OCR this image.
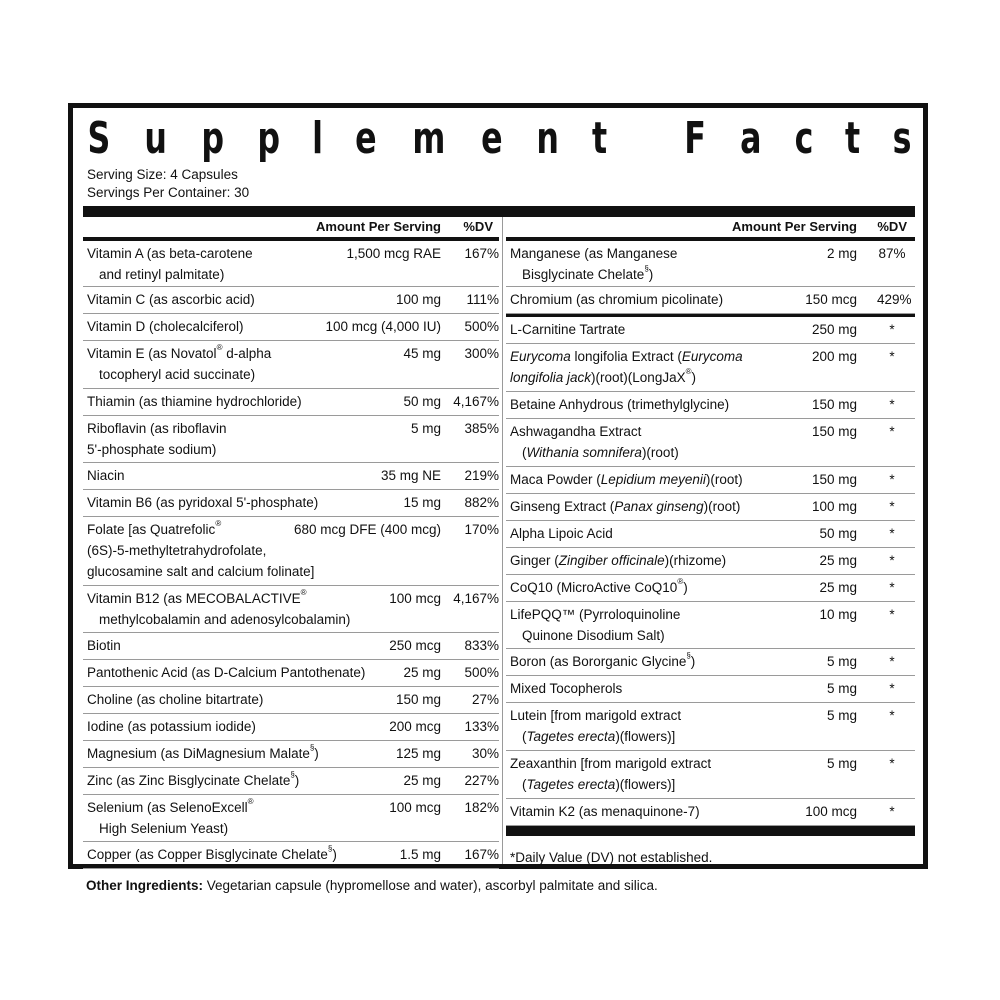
S u p p l e m e n t F a c t s
Serving Size: 4 Capsules
Servings Per Container: 30
Amount Per Serving %DV
Vitamin A (as beta-carotene
and retinyl palmitate)
1,500 mcg RAE 167%
Vitamin C (as ascorbic acid)	100 mg 111%
Vitamin D (cholecalciferol)	100 mcg (4,000 IU) 500%
Vitamin E (as Novatol® d-alpha
tocopheryl acid succinate)
45 mg 300%
Thiamin (as thiamine hydrochloride)	50 mg 4,167%
Riboflavin (as riboflavin
5'-phosphate sodium)
5 mg 385%
Niacin	35 mg NE 219%
Vitamin B6 (as pyridoxal 5'-phosphate)	15 mg 882%
Folate [as Quatrefolic®
(6S)-5-methyltetrahydrofolate,
glucosamine salt and calcium folinate]
680 mcg DFE (400 mcg) 170%
Vitamin B12 (as MECOBALACTIVE®
methylcobalamin and adenosylcobalamin)
100 mcg 4,167%
Biotin	250 mcg 833%
Pantothenic Acid (as D-Calcium Pantothenate)	25 mg 500%
Choline (as choline bitartrate)	150 mg 27%
Iodine (as potassium iodide)	200 mcg 133%
Magnesium (as DiMagnesium Malate§)	125 mg 30%
Zinc (as Zinc Bisglycinate Chelate§)	25 mg 227%
Selenium (as SelenoExcell®
High Selenium Yeast)
100 mcg 182%
Copper (as Copper Bisglycinate Chelate§)	1.5 mg 167%
Amount Per Serving %DV
Manganese (as Manganese
Bisglycinate Chelate§)
2 mg 87%
Chromium (as chromium picolinate)	150 mcg 429%
L-Carnitine Tartrate	250 mg	*
Eurycoma longifolia Extract (Eurycoma
longifolia jack)(root)(LongJaX®)
200 mg	*
Betaine Anhydrous (trimethylglycine)	150 mg	*
Ashwagandha Extract
(Withania somnifera)(root)
150 mg	*
Maca Powder (Lepidium meyenii)(root)	150 mg	*
Ginseng Extract (Panax ginseng)(root)	100 mg	*
Alpha Lipoic Acid	50 mg	*
Ginger (Zingiber officinale)(rhizome)	25 mg	*
CoQ10 (MicroActive CoQ10®)	25 mg	*
LifePQQ™ (Pyrroloquinoline
Quinone Disodium Salt)
10 mg	*
Boron (as Bororganic Glycine§)	5 mg	*
Mixed Tocopherols	5 mg	*
Lutein [from marigold extract
(Tagetes erecta)(flowers)]
5 mg	*
Zeaxanthin [from marigold extract
(Tagetes erecta)(flowers)]
5 mg	*
Vitamin K2 (as menaquinone-7)	100 mcg	*
*Daily Value (DV) not established.
Other Ingredients: Vegetarian capsule (hypromellose and water), ascorbyl palmitate and silica.
